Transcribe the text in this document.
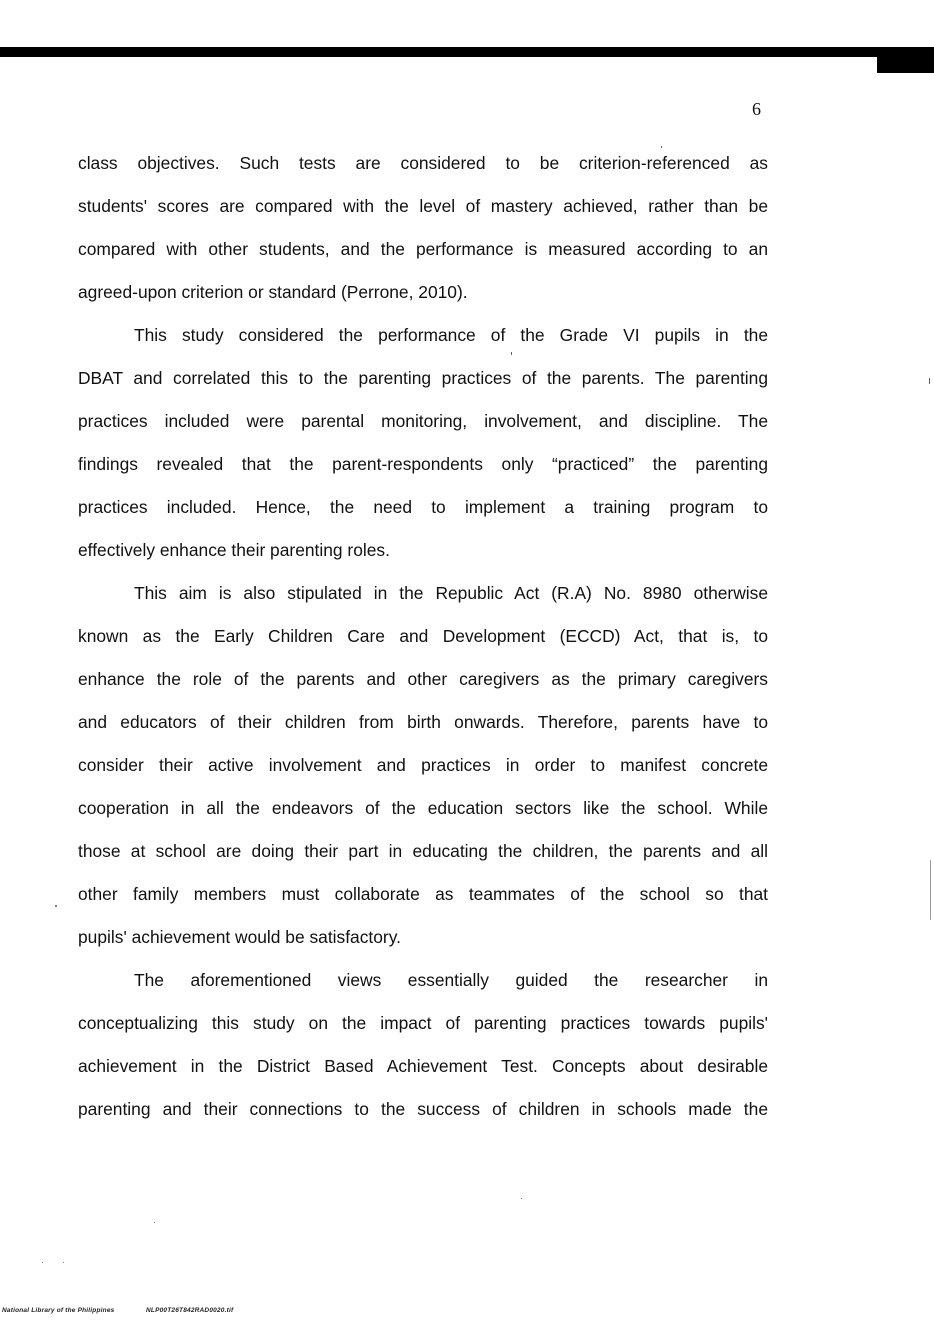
6
class objectives. Such tests are considered to be criterion-referenced as
students' scores are compared with the level of mastery achieved, rather than be
compared with other students, and the performance is measured according to an
agreed-upon criterion or standard (Perrone, 2010).
This study considered the performance of the Grade VI pupils in the
DBAT and correlated this to the parenting practices of the parents. The parenting
practices included were parental monitoring, involvement, and discipline. The
findings revealed that the parent-respondents only “practiced” the parenting
practices included. Hence, the need to implement a training program to
effectively enhance their parenting roles.
This aim is also stipulated in the Republic Act (R.A) No. 8980 otherwise
known as the Early Children Care and Development (ECCD) Act, that is, to
enhance the role of the parents and other caregivers as the primary caregivers
and educators of their children from birth onwards. Therefore, parents have to
consider their active involvement and practices in order to manifest concrete
cooperation in all the endeavors of the education sectors like the school. While
those at school are doing their part in educating the children, the parents and all
other family members must collaborate as teammates of the school so that
pupils' achievement would be satisfactory.
The aforementioned views essentially guided the researcher in
conceptualizing this study on the impact of parenting practices towards pupils'
achievement in the District Based Achievement Test. Concepts about desirable
parenting and their connections to the success of children in schools made the
National Library of the Philippines	NLP00T26T842RAD0020.tif
